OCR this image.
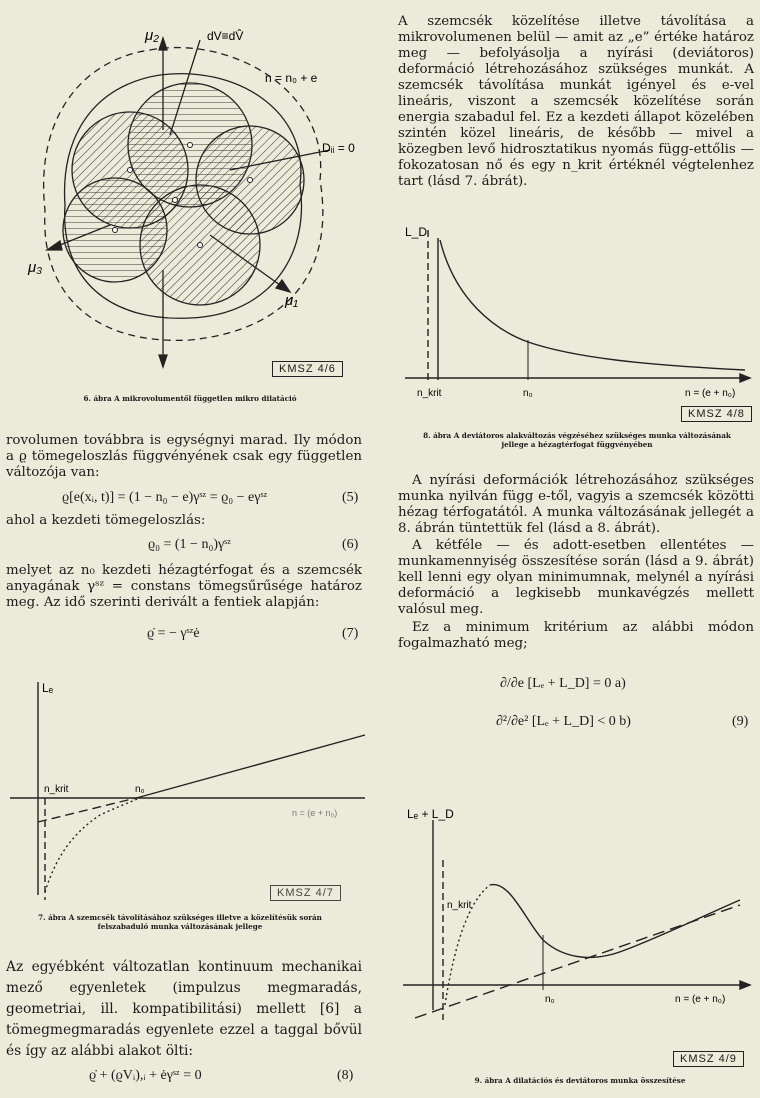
μ₂	dV≡dV̂
n = n₀ + e
Dᵢᵢ = 0
μ₃
μ₁
KMSZ 4/6
6. ábra A mikrovolumentől független mikro dilatáció
A szemcsék közelítése illetve távolítása a mikrovolumenen belül — amit az „e” értéke határoz meg — befolyásolja a nyírási (deviátoros) deformáció létrehozásához szükséges munkát. A szemcsék távolítása munkát igényel és e-vel lineáris, viszont a szemcsék közelítése során energia szabadul fel. Ez a kezdeti állapot közelében szintén közel lineáris, de később — mivel a közegben levő hidrosztatikus nyomás függ-ettőlis — fokozatosan nő és egy n_krit értéknél végtelenhez tart (lásd 7. ábrát).
L_D
n_krit	n₀	n = (e + n₀)
KMSZ 4/8
8. ábra A deviátoros alakváltozás végzéséhez szükséges munka változásának jellege a hézagtérfogat függvényében
rovolumen továbbra is egységnyi marad. Ily módon a ϱ tömegeloszlás függvényének csak egy független változója van:
ϱ[e(xᵢ, t)] = (1 − n₀ − e)γˢᶻ = ϱ₀ − eγˢᶻ	(5)
ahol a kezdeti tömegeloszlás:
ϱ₀ = (1 − n₀)γˢᶻ	(6)
melyet az n₀ kezdeti hézagtérfogat és a szemcsék anyagának γˢᶻ = constans tömegsűrűsége határoz meg. Az idő szerinti derivált a fentiek alapján:
ϱ̇ = − γˢᶻė	(7)
A nyírási deformációk létrehozásához szükséges munka nyilván függ e-től, vagyis a szemcsék közötti hézag térfogatától. A munka változásának jellegét a 8. ábrán tüntettük fel (lásd a 8. ábrát).
A kétféle — és adott-esetben ellentétes — munkamennyiség összesítése során (lásd a 9. ábrát) kell lenni egy olyan minimumnak, melynél a nyírási deformáció a legkisebb munkavégzés mellett valósul meg.
Ez a minimum kritérium az alábbi módon fogalmazható meg;
∂/∂e [Lₑ + L_D] = 0 a)
∂²/∂e² [Lₑ + L_D] < 0 b)	(9)
Lₑ
n_krit	n₀
n = (e + n₀)
KMSZ 4/7
7. ábra A szemcsék távolításához szükséges illetve a közelítésük során felszabaduló munka változásának jellege
Lₑ + L_D
n_krit
n₀	n = (e + n₀)
KMSZ 4/9
9. ábra A dilatációs és deviátoros munka összesítése
Az egyébként változatlan kontinuum mechanikai mező egyenletek (impulzus megmaradás, geometriai, ill. kompatibilitási) mellett [6] a tömegmegmaradás egyenlete ezzel a taggal bővül és így az alábbi alakot ölti:
ϱ̇ + (ϱVᵢ),ᵢ + ėγˢᶻ = 0	(8)
